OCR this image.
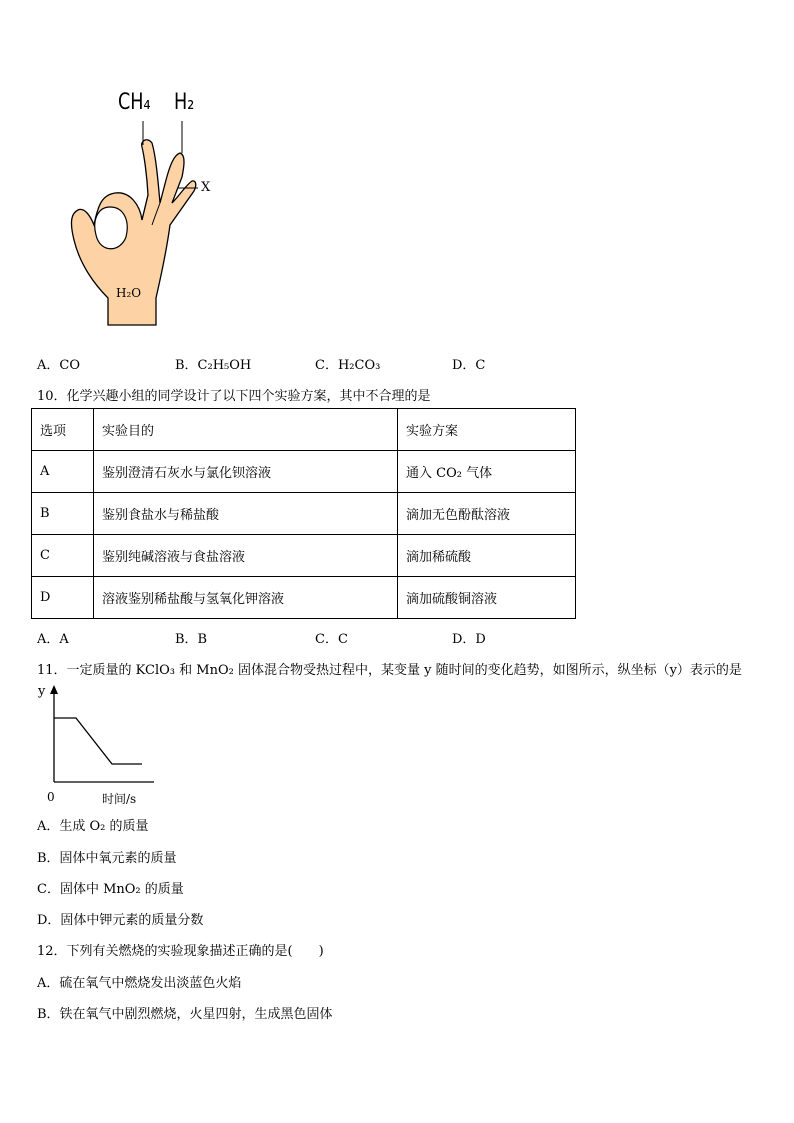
CH₄ H₂
X
H₂O
A．CO	B．C₂H₅OH	C．H₂CO₃	D．C
10．化学兴趣小组的同学设计了以下四个实验方案，其中不合理的是
选项	实验目的	实验方案
A	鉴别澄清石灰水与氯化钡溶液	通入 CO₂ 气体
B	鉴别食盐水与稀盐酸	滴加无色酚酞溶液
C	鉴别纯碱溶液与食盐溶液	滴加稀硫酸
D	溶液鉴别稀盐酸与氢氧化钾溶液	滴加硫酸铜溶液
A．A	B．B	C．C	D．D
11．一定质量的 KClO₃ 和 MnO₂ 固体混合物受热过程中，某变量 y 随时间的变化趋势，如图所示，纵坐标（y）表示的是
y
0	时间/s
A．生成 O₂ 的质量
B．固体中氧元素的质量
C．固体中 MnO₂ 的质量
D．固体中钾元素的质量分数
12．下列有关燃烧的实验现象描述正确的是(　　)
A．硫在氧气中燃烧发出淡蓝色火焰
B．铁在氧气中剧烈燃烧，火星四射，生成黑色固体
